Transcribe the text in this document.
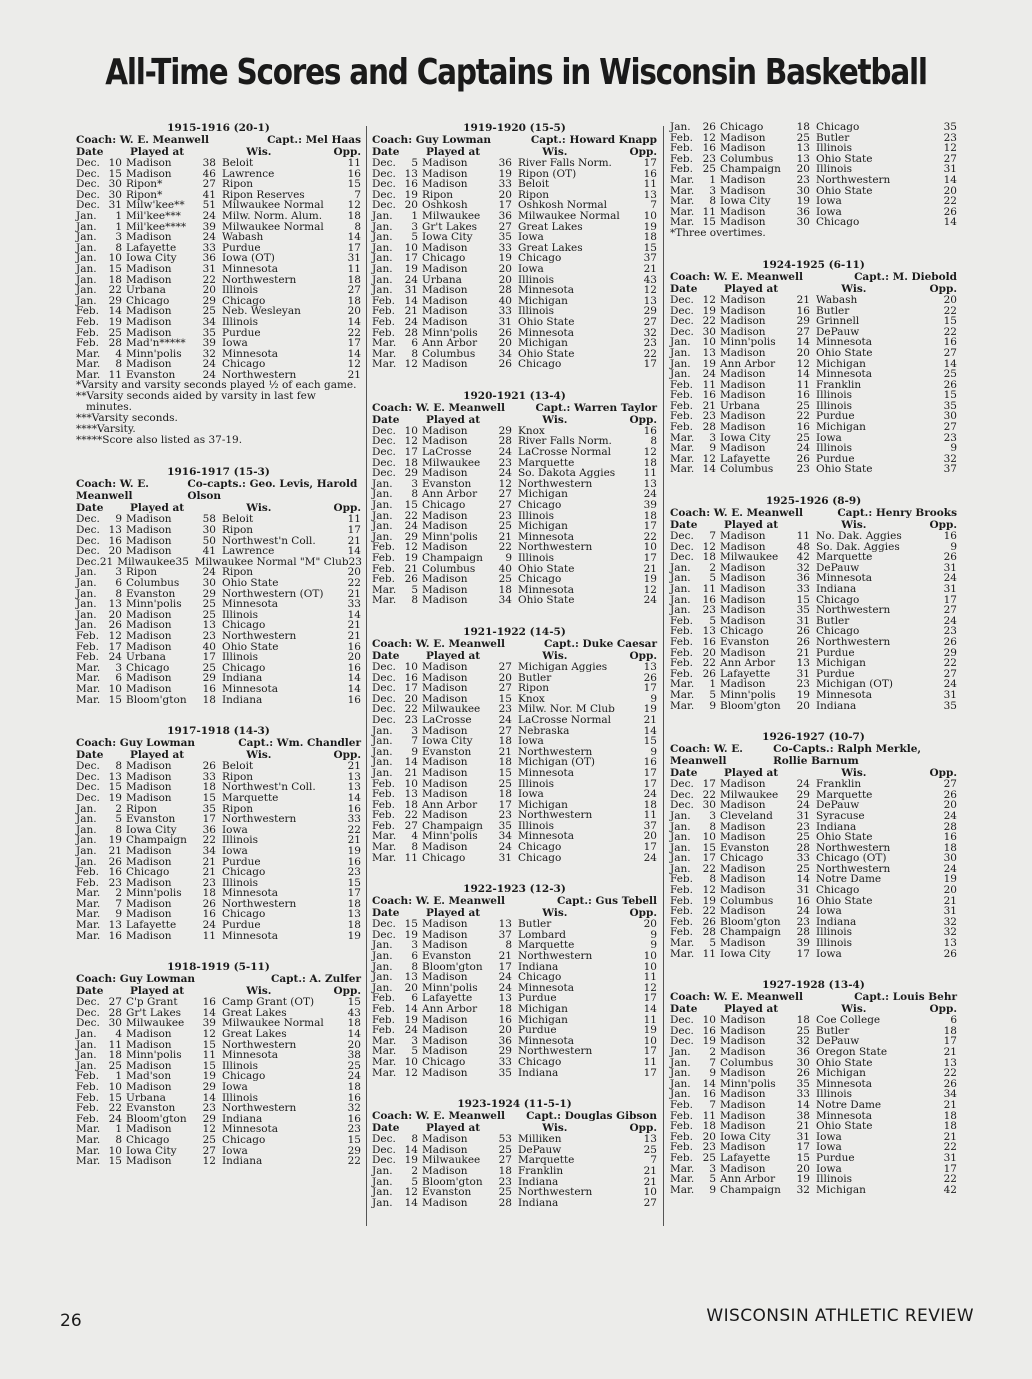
All-Time Scores and Captains in Wisconsin Basketball
1915-1916 (20-1)
Coach: W. E. Meanwell	Capt.: Mel Haas
Date	Played at	Wis.	Opp.
Dec. 10 Madison	38 Beloit	11
Dec. 15 Madison	46 Lawrence	16
Dec. 30 Ripon*	27 Ripon	15
Dec. 30 Ripon*	41 Ripon Reserves	7
Dec. 31 Milw'kee**	51 Milwaukee Normal	12
Jan.	1 Mil'kee***	24 Milw. Norm. Alum.	18
Jan.	1 Mil'kee****	39 Milwaukee Normal	8
Jan.	3 Madison	24 Wabash	14
Jan.	8 Lafayette	33 Purdue	17
Jan.	10 Iowa City	36 Iowa (OT)	31
Jan.	15 Madison	31 Minnesota	11
Jan.	18 Madison	22 Northwestern	18
Jan.	22 Urbana	20 Illinois	27
Jan.	29 Chicago	29 Chicago	18
Feb. 14 Madison	25 Neb. Wesleyan	20
Feb. 19 Madison	34 Illinois	14
Feb. 25 Madison	35 Purdue	22
Feb. 28 Mad'n*****	39 Iowa	17
Mar.	4 Minn'polis	32 Minnesota	14
Mar.	8 Madison	24 Chicago	12
Mar. 11 Evanston	24 Northwestern	21
*Varsity and varsity seconds played ½ of each game.
**Varsity seconds aided by varsity in last few minutes.
***Varsity seconds.
****Varsity.
*****Score also listed as 37-19.
1916-1917 (15-3)
Coach: W. E. Meanwell
Co-capts.: Geo. Levis, Harold Olson
Date	Played at	Wis.	Opp.
Dec.	9 Madison	58 Beloit	11
Dec. 13 Madison	30 Ripon	17
Dec. 16 Madison	50 Northwest'n Coll.	21
Dec. 20 Madison	41 Lawrence	14
Dec. 21 Milwaukee 35 Milwaukee Normal "M" Club 23
Jan.	3 Ripon	24 Ripon	20
Jan.	6 Columbus	30 Ohio State	22
Jan.	8 Evanston	29 Northwestern (OT)	21
Jan.	13 Minn'polis	25 Minnesota	33
Jan.	20 Madison	25 Illinois	14
Jan.	26 Madison	13 Chicago	21
Feb. 12 Madison	23 Northwestern	21
Feb. 17 Madison	40 Ohio State	16
Feb. 24 Urbana	17 Illinois	20
Mar.	3 Chicago	25 Chicago	16
Mar.	6 Madison	29 Indiana	14
Mar. 10 Madison	16 Minnesota	14
Mar. 15 Bloom'gton	18 Indiana	16
1917-1918 (14-3)
Coach: Guy Lowman	Capt.: Wm. Chandler
Date	Played at	Wis.	Opp.
Dec.	8 Madison	26 Beloit	21
Dec. 13 Madison	33 Ripon	13
Dec. 15 Madison	18 Northwest'n Coll.	13
Dec. 19 Madison	15 Marquette	14
Jan.	2 Ripon	35 Ripon	16
Jan.	5 Evanston	17 Northwestern	33
Jan.	8 Iowa City	36 Iowa	22
Jan.	19 Champaign	22 Illinois	21
Jan.	21 Madison	34 Iowa	19
Jan.	26 Madison	21 Purdue	16
Feb. 16 Chicago	21 Chicago	23
Feb. 23 Madison	23 Illinois	15
Mar.	2 Minn'polis	18 Minnesota	17
Mar.	7 Madison	26 Northwestern	18
Mar.	9 Madison	16 Chicago	13
Mar. 13 Lafayette	24 Purdue	18
Mar. 16 Madison	11 Minnesota	19
1918-1919 (5-11)
Coach: Guy Lowman	Capt.: A. Zulfer
Date	Played at	Wis.	Opp.
Dec. 27 C'p Grant	16 Camp Grant (OT)	15
Dec. 28 Gr't Lakes	14 Great Lakes	43
Dec. 30 Milwaukee	39 Milwaukee Normal	18
Jan.	4 Madison	12 Great Lakes	14
Jan.	11 Madison	15 Northwestern	20
Jan.	18 Minn'polis	11 Minnesota	38
Jan.	25 Madison	15 Illinois	25
Feb.	1 Mad'son	19 Chicago	24
Feb. 10 Madison	29 Iowa	18
Feb. 15 Urbana	14 Illinois	16
Feb. 22 Evanston	23 Northwestern	32
Feb. 24 Bloom'gton	29 Indiana	16
Mar.	1 Madison	12 Minnesota	23
Mar.	8 Chicago	25 Chicago	15
Mar. 10 Iowa City	27 Iowa	29
Mar. 15 Madison	12 Indiana	22
1919-1920 (15-5)
Coach: Guy Lowman	Capt.: Howard Knapp
Date	Played at	Wis.	Opp.
Dec.	5 Madison	36 River Falls Norm.	17
Dec. 13 Madison	19 Ripon (OT)	16
Dec. 16 Madison	33 Beloit	11
Dec. 19 Ripon	20 Ripon	13
Dec. 20 Oshkosh	17 Oshkosh Normal	7
Jan.	1 Milwaukee	36 Milwaukee Normal	10
Jan.	3 Gr't Lakes	27 Great Lakes	19
Jan.	5 Iowa City	35 Iowa	18
Jan.	10 Madison	33 Great Lakes	15
Jan.	17 Chicago	19 Chicago	37
Jan.	19 Madison	20 Iowa	21
Jan.	24 Urbana	20 Illinois	43
Jan.	31 Madison	28 Minnesota	12
Feb. 14 Madison	40 Michigan	13
Feb. 21 Madison	33 Illinois	29
Feb. 24 Madison	31 Ohio State	27
Feb. 28 Minn'polis	26 Minnesota	32
Mar.	6 Ann Arbor	20 Michigan	23
Mar.	8 Columbus	34 Ohio State	22
Mar. 12 Madison	26 Chicago	17
1920-1921 (13-4)
Coach: W. E. Meanwell	Capt.: Warren Taylor
Date	Played at	Wis.	Opp.
Dec. 10 Madison	29 Knox	16
Dec. 12 Madison	28 River Falls Norm.	8
Dec. 17 LaCrosse	24 LaCrosse Normal	12
Dec. 18 Milwaukee	23 Marquette	18
Dec. 29 Madison	24 So. Dakota Aggies	11
Jan.	3 Evanston	12 Northwestern	13
Jan.	8 Ann Arbor	27 Michigan	24
Jan.	15 Chicago	27 Chicago	39
Jan.	22 Madison	23 Illinois	18
Jan.	24 Madison	25 Michigan	17
Jan.	29 Minn'polis	21 Minnesota	22
Feb. 12 Madison	22 Northwestern	10
Feb. 19 Champaign	9 Illinois	17
Feb. 21 Columbus	40 Ohio State	21
Feb. 26 Madison	25 Chicago	19
Mar.	5 Madison	18 Minnesota	12
Mar.	8 Madison	34 Ohio State	24
1921-1922 (14-5)
Coach: W. E. Meanwell	Capt.: Duke Caesar
Date	Played at	Wis.	Opp.
Dec. 10 Madison	27 Michigan Aggies	13
Dec. 16 Madison	20 Butler	26
Dec. 17 Madison	27 Ripon	17
Dec. 20 Madison	15 Knox	9
Dec. 22 Milwaukee	23 Milw. Nor. M Club	19
Dec. 23 LaCrosse	24 LaCrosse Normal	21
Jan.	3 Madison	27 Nebraska	14
Jan.	7 Iowa City	18 Iowa	15
Jan.	9 Evanston	21 Northwestern	9
Jan.	14 Madison	18 Michigan (OT)	16
Jan.	21 Madison	15 Minnesota	17
Feb. 10 Madison	25 Illinois	17
Feb. 13 Madison	18 Iowa	24
Feb. 18 Ann Arbor	17 Michigan	18
Feb. 22 Madison	23 Northwestern	11
Feb. 27 Champaign	35 Illinois	37
Mar.	4 Minn'polis	34 Minnesota	20
Mar.	8 Madison	24 Chicago	17
Mar. 11 Chicago	31 Chicago	24
1922-1923 (12-3)
Coach: W. E. Meanwell	Capt.: Gus Tebell
Date	Played at	Wis.	Opp.
Dec. 15 Madison	13 Butler	20
Dec. 19 Madison	37 Lombard	9
Jan.	3 Madison	8 Marquette	9
Jan.	6 Evanston	21 Northwestern	10
Jan.	8 Bloom'gton	17 Indiana	10
Jan.	13 Madison	24 Chicago	11
Jan.	20 Minn'polis	24 Minnesota	12
Feb.	6 Lafayette	13 Purdue	17
Feb. 14 Ann Arbor	18 Michigan	14
Feb. 19 Madison	16 Michigan	11
Feb. 24 Madison	20 Purdue	19
Mar.	3 Madison	36 Minnesota	10
Mar.	5 Madison	29 Northwestern	17
Mar. 10 Chicago	33 Chicago	11
Mar. 12 Madison	35 Indiana	17
1923-1924 (11-5-1)
Coach: W. E. Meanwell Capt.: Douglas Gibson
Date	Played at	Wis.	Opp.
Dec.	8 Madison	53 Milliken	13
Dec. 14 Madison	25 DePauw	25
Dec. 19 Milwaukee	27 Marquette	7
Jan.	2 Madison	18 Franklin	21
Jan.	5 Bloom'gton	23 Indiana	21
Jan.	12 Evanston	25 Northwestern	10
Jan.	14 Madison	28 Indiana	27
Jan.	26 Chicago	18 Chicago	35
Feb. 12 Madison	25 Butler	23
Feb. 16 Madison	13 Illinois	12
Feb. 23 Columbus	13 Ohio State	27
Feb. 25 Champaign	20 Illinois	31
Mar.	1 Madison	23 Northwestern	14
Mar.	3 Madison	30 Ohio State	20
Mar.	8 Iowa City	19 Iowa	22
Mar. 11 Madison	36 Iowa	26
Mar. 15 Madison	30 Chicago	14
*Three overtimes.
1924-1925 (6-11)
Coach: W. E. Meanwell	Capt.: M. Diebold
Date	Played at	Wis.	Opp.
Dec. 12 Madison	21 Wabash	20
Dec. 19 Madison	16 Butler	22
Dec. 22 Madison	29 Grinnell	15
Dec. 30 Madison	27 DePauw	22
Jan.	10 Minn'polis	14 Minnesota	16
Jan.	13 Madison	20 Ohio State	27
Jan.	19 Ann Arbor	12 Michigan	14
Jan.	24 Madison	14 Minnesota	25
Feb. 11 Madison	11 Franklin	26
Feb. 16 Madison	16 Illinois	15
Feb. 21 Urbana	25 Illinois	35
Feb. 23 Madison	22 Purdue	30
Feb. 28 Madison	16 Michigan	27
Mar.	3 Iowa City	25 Iowa	23
Mar.	9 Madison	24 Illinois	9
Mar. 12 Lafayette	26 Purdue	32
Mar. 14 Columbus	23 Ohio State	37
1925-1926 (8-9)
Coach: W. E. Meanwell	Capt.: Henry Brooks
Date	Played at	Wis.	Opp.
Dec.	7 Madison	11 No. Dak. Aggies	16
Dec. 12 Madison	48 So. Dak. Aggies	9
Dec. 18 Milwaukee	42 Marquette	26
Jan.	2 Madison	32 DePauw	31
Jan.	5 Madison	36 Minnesota	24
Jan.	11 Madison	33 Indiana	31
Jan.	16 Madison	15 Chicago	17
Jan.	23 Madison	35 Northwestern	27
Feb.	5 Madison	31 Butler	24
Feb. 13 Chicago	26 Chicago	23
Feb. 16 Evanston	26 Northwestern	26
Feb. 20 Madison	21 Purdue	29
Feb. 22 Ann Arbor	13 Michigan	22
Feb. 26 Lafayette	31 Purdue	27
Mar.	1 Madison	23 Michigan (OT)	24
Mar.	5 Minn'polis	19 Minnesota	31
Mar.	9 Bloom'gton	20 Indiana	35
1926-1927 (10-7)
Coach: W. E. Meanwell
Co-Capts.: Ralph Merkle, Rollie Barnum
Date	Played at	Wis.	Opp.
Dec. 17 Madison	24 Franklin	27
Dec. 22 Milwaukee	29 Marquette	26
Dec. 30 Madison	24 DePauw	20
Jan.	3 Cleveland	31 Syracuse	24
Jan.	8 Madison	23 Indiana	28
Jan.	10 Madison	25 Ohio State	16
Jan.	15 Evanston	28 Northwestern	18
Jan.	17 Chicago	33 Chicago (OT)	30
Jan.	22 Madison	25 Northwestern	24
Feb.	8 Madison	14 Notre Dame	19
Feb. 12 Madison	31 Chicago	20
Feb. 19 Columbus	16 Ohio State	21
Feb. 22 Madison	24 Iowa	31
Feb. 26 Bloom'gton	23 Indiana	32
Feb. 28 Champaign	28 Illinois	32
Mar.	5 Madison	39 Illinois	13
Mar. 11 Iowa City	17 Iowa	26
1927-1928 (13-4)
Coach: W. E. Meanwell	Capt.: Louis Behr
Date	Played at	Wis.	Opp.
Dec. 10 Madison	18 Coe College	6
Dec. 16 Madison	25 Butler	18
Dec. 19 Madison	32 DePauw	17
Jan.	2 Madison	36 Oregon State	21
Jan.	7 Columbus	30 Ohio State	13
Jan.	9 Madison	26 Michigan	22
Jan.	14 Minn'polis	35 Minnesota	26
Jan.	16 Madison	33 Illinois	34
Feb.	7 Madison	14 Notre Dame	21
Feb. 11 Madison	38 Minnesota	18
Feb. 18 Madison	21 Ohio State	18
Feb. 20 Iowa City	31 Iowa	21
Feb. 23 Madison	17 Iowa	22
Feb. 25 Lafayette	15 Purdue	31
Mar.	3 Madison	20 Iowa	17
Mar.	5 Ann Arbor	19 Illinois	22
Mar.	9 Champaign	32 Michigan	42
26	WISCONSIN ATHLETIC REVIEW
